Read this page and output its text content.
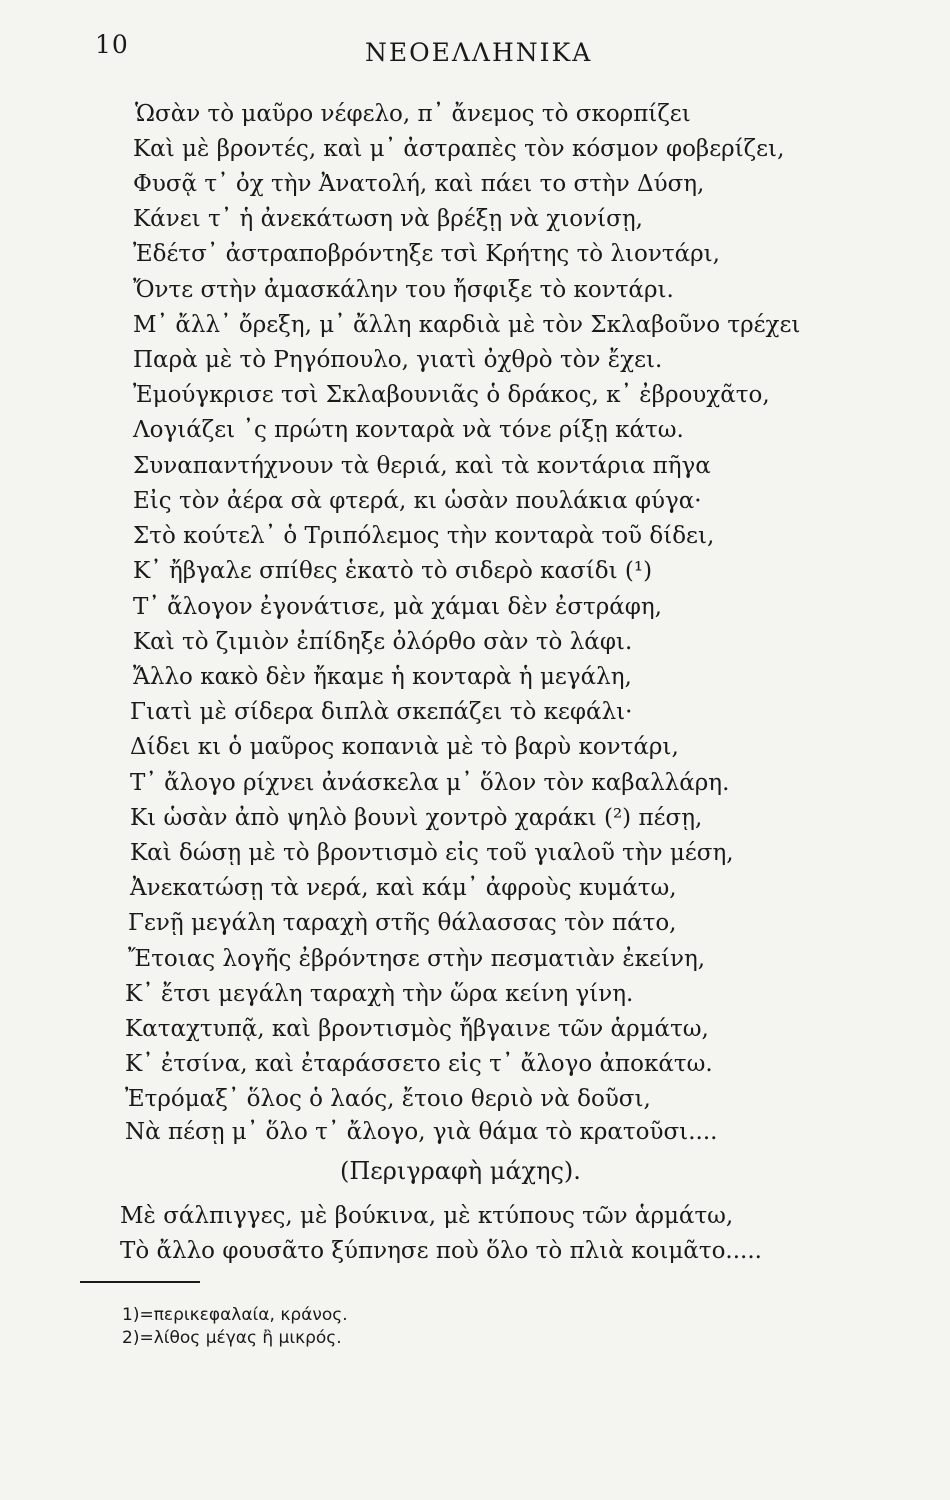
10	ΝΕΟΕΛΛΗΝΙΚΑ
Ὡσὰν τὸ μαῦρο νέφελο, π᾽ ἄνεμος τὸ σκορπίζει
Καὶ μὲ βροντές, καὶ μ᾽ ἀστραπὲς τὸν κόσμον φοβερίζει,
Φυσᾷ τ᾽ ὀχ τὴν Ἀνατολή, καὶ πάει το στὴν Δύση,
Κάνει τ᾽ ἡ ἀνεκάτωση νὰ βρέξῃ νὰ χιονίσῃ,
Ἐδέτσ᾽ ἀστραποβρόντηξε τσὶ Κρήτης τὸ λιοντάρι,
Ὄντε στὴν ἀμασκάλην του ἤσφιξε τὸ κοντάρι.
Μ᾽ ἄλλ᾽ ὄρεξη, μ᾽ ἄλλη καρδιὰ μὲ τὸν Σκλαβοῦνο τρέχει
Παρὰ μὲ τὸ Ρηγόπουλο, γιατὶ ὀχθρὸ τὸν ἔχει.
Ἐμούγκρισε τσὶ Σκλαβουνιᾶς ὁ δράκος, κ᾽ ἐβρουχᾶτο,
Λογιάζει ᾽ς πρώτη κονταρὰ νὰ τόνε ρίξῃ κάτω.
Συναπαντήχνουν τὰ θεριά, καὶ τὰ κοντάρια πῆγα
Εἰς τὸν ἀέρα σὰ φτερά, κι ὡσὰν πουλάκια φύγα·
Στὸ κούτελ᾽ ὁ Τριπόλεμος τὴν κονταρὰ τοῦ δίδει,
Κ᾽ ἤβγαλε σπίθες ἑκατὸ τὸ σιδερὸ κασίδι (¹)
Τ᾽ ἄλογον ἐγονάτισε, μὰ χάμαι δὲν ἐστράφη,
Καὶ τὸ ζιμιὸν ἐπίδηξε ὀλόρθο σὰν τὸ λάφι.
Ἄλλο κακὸ δὲν ἤκαμε ἡ κονταρὰ ἡ μεγάλη,
Γιατὶ μὲ σίδερα διπλὰ σκεπάζει τὸ κεφάλι·
Δίδει κι ὁ μαῦρος κοπανιὰ μὲ τὸ βαρὺ κοντάρι,
Τ᾽ ἄλογο ρίχνει ἀνάσκελα μ᾽ ὅλον τὸν καβαλλάρη.
Κι ὡσὰν ἀπὸ ψηλὸ βουνὶ χοντρὸ χαράκι (²) πέσῃ,
Καὶ δώσῃ μὲ τὸ βροντισμὸ εἰς τοῦ γιαλοῦ τὴν μέση,
Ἀνεκατώσῃ τὰ νερά, καὶ κάμ᾽ ἀφροὺς κυμάτω,
Γενῇ μεγάλη ταραχὴ στῆς θάλασσας τὸν πάτο,
Ἔτοιας λογῆς ἐβρόντησε στὴν πεσματιὰν ἐκείνη,
Κ᾽ ἔτσι μεγάλη ταραχὴ τὴν ὥρα κείνη γίνη.
Καταχτυπᾷ, καὶ βροντισμὸς ἤβγαινε τῶν ἁρμάτω,
Κ᾽ ἐτσίνα, καὶ ἐταράσσετο εἰς τ᾽ ἄλογο ἀποκάτω.
Ἐτρόμαξ᾽ ὅλος ὁ λαός, ἔτοιο θεριὸ νὰ δοῦσι,
Νὰ πέσῃ μ᾽ ὅλο τ᾽ ἄλογο, γιὰ θάμα τὸ κρατοῦσι....
(Περιγραφὴ μάχης).
Μὲ σάλπιγγες, μὲ βούκινα, μὲ κτύπους τῶν ἁρμάτω,
Τὸ ἄλλο φουσᾶτο ξύπνησε ποὺ ὅλο τὸ πλιὰ κοιμᾶτο.....
1)=περικεφαλαία, κράνος.
2)=λίθος μέγας ἢ μικρός.
